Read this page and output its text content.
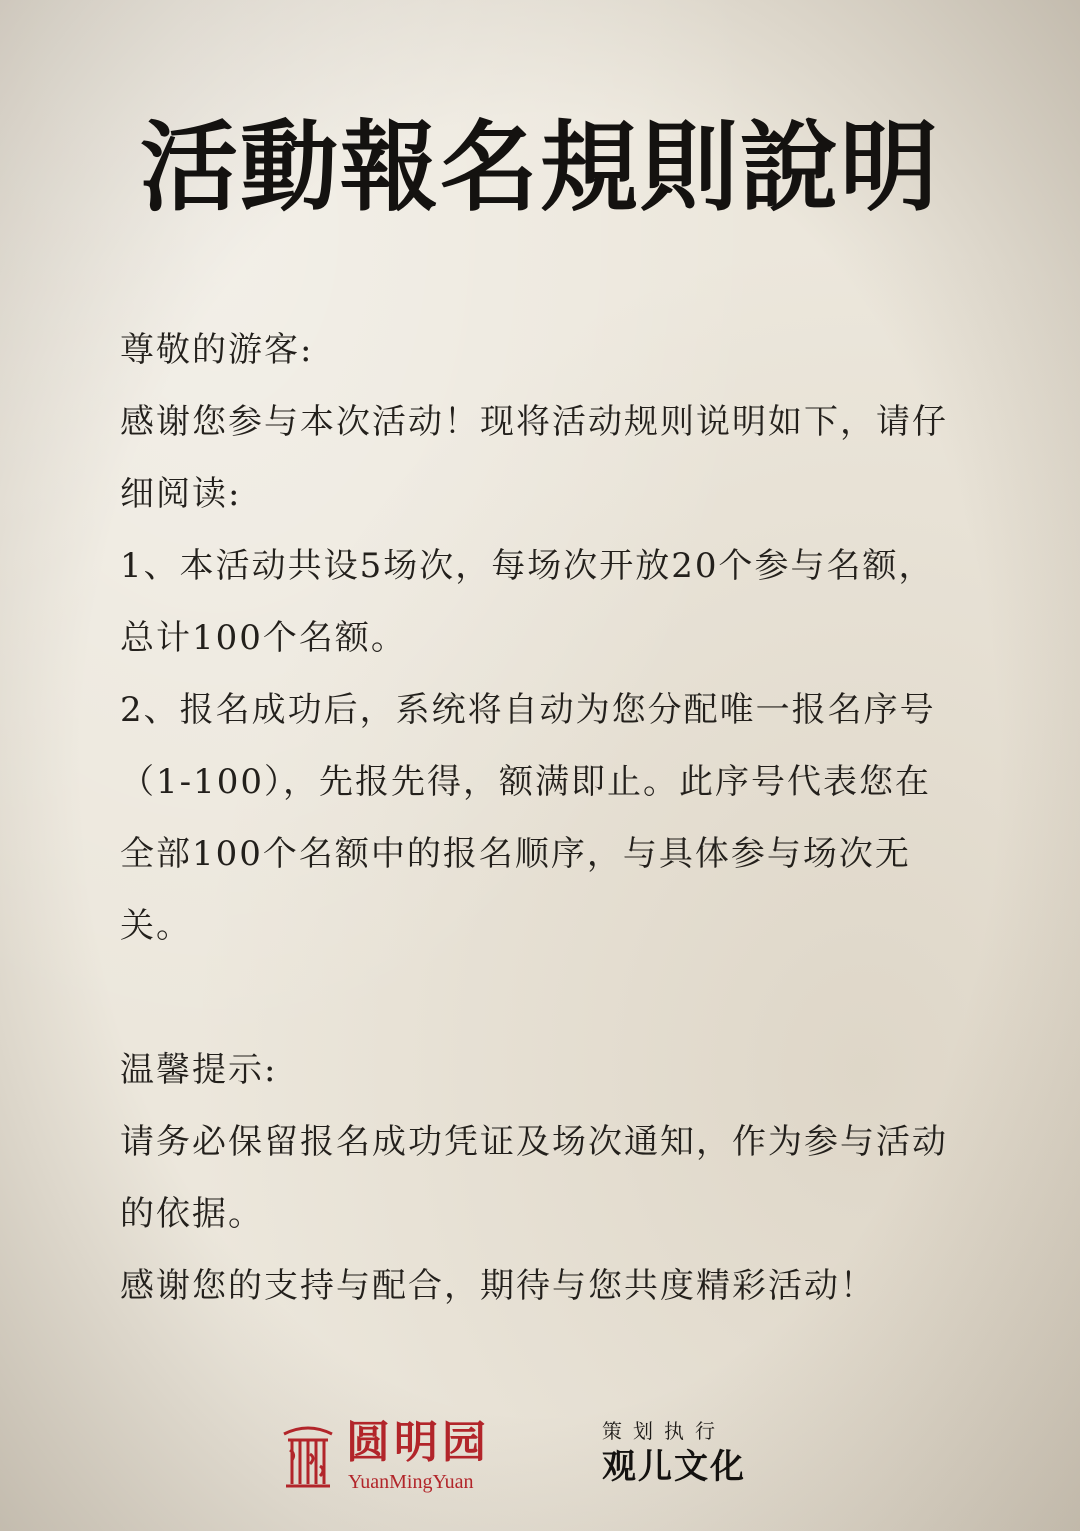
活動報名規則說明

尊敬的游客:

感谢您参与本次活动！现将活动规则说明如下，请仔细阅读:

1、本活动共设5场次，每场次开放20个参与名额，总计100个名额。

2、报名成功后，系统将自动为您分配唯一报名序号（1-100），先报先得，额满即止。此序号代表您在全部100个名额中的报名顺序，与具体参与场次无关。

温馨提示:

请务必保留报名成功凭证及场次通知，作为参与活动的依据。

感谢您的支持与配合，期待与您共度精彩活动！

圆明园
YuanMingYuan
策划执行
观儿文化
